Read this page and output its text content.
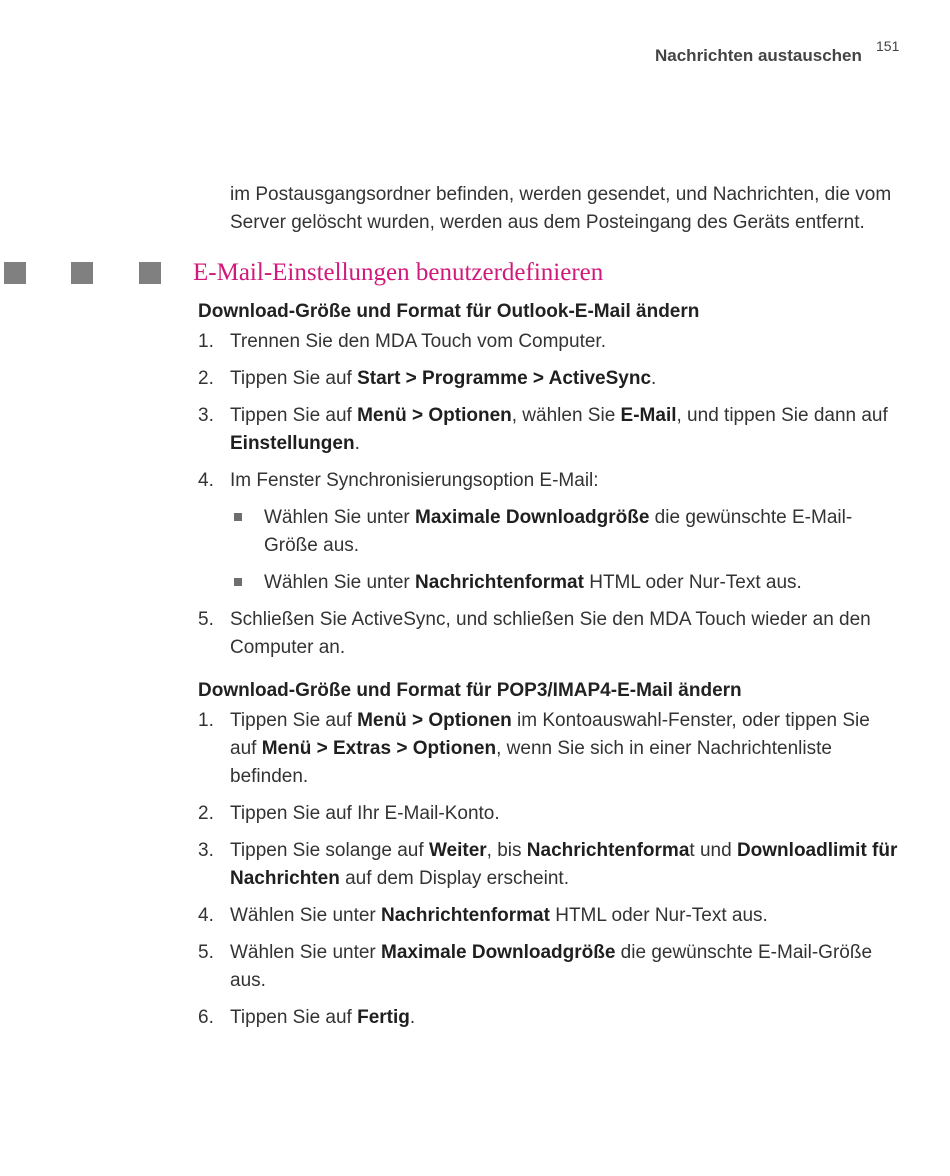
Nachrichten austauschen 151

im Postausgangsordner befinden, werden gesendet, und Nachrichten, die vom
Server gelöscht wurden, werden aus dem Posteingang des Geräts entfernt.

E-Mail-Einstellungen benutzerdefinieren
Download-Größe und Format für Outlook-E-Mail ändern
1. Trennen Sie den MDA Touch vom Computer.
2. Tippen Sie auf Start > Programme > ActiveSync.
3. Tippen Sie auf Menü > Optionen, wählen Sie E-Mail, und tippen Sie dann auf Einstellungen.
4. Im Fenster Synchronisierungsoption E-Mail:
Wählen Sie unter Maximale Downloadgröße die gewünschte E-Mail-Größe aus.
Wählen Sie unter Nachrichtenformat HTML oder Nur-Text aus.
5. Schließen Sie ActiveSync, und schließen Sie den MDA Touch wieder an den Computer an.
Download-Größe und Format für POP3/IMAP4-E-Mail ändern
1. Tippen Sie auf Menü > Optionen im Kontoauswahl-Fenster, oder tippen Sie auf Menü > Extras > Optionen, wenn Sie sich in einer Nachrichtenliste befinden.
2. Tippen Sie auf Ihr E-Mail-Konto.
3. Tippen Sie solange auf Weiter, bis Nachrichtenformat und Downloadlimit für Nachrichten auf dem Display erscheint.
4. Wählen Sie unter Nachrichtenformat HTML oder Nur-Text aus.
5. Wählen Sie unter Maximale Downloadgröße die gewünschte E-Mail-Größe aus.
6. Tippen Sie auf Fertig.
